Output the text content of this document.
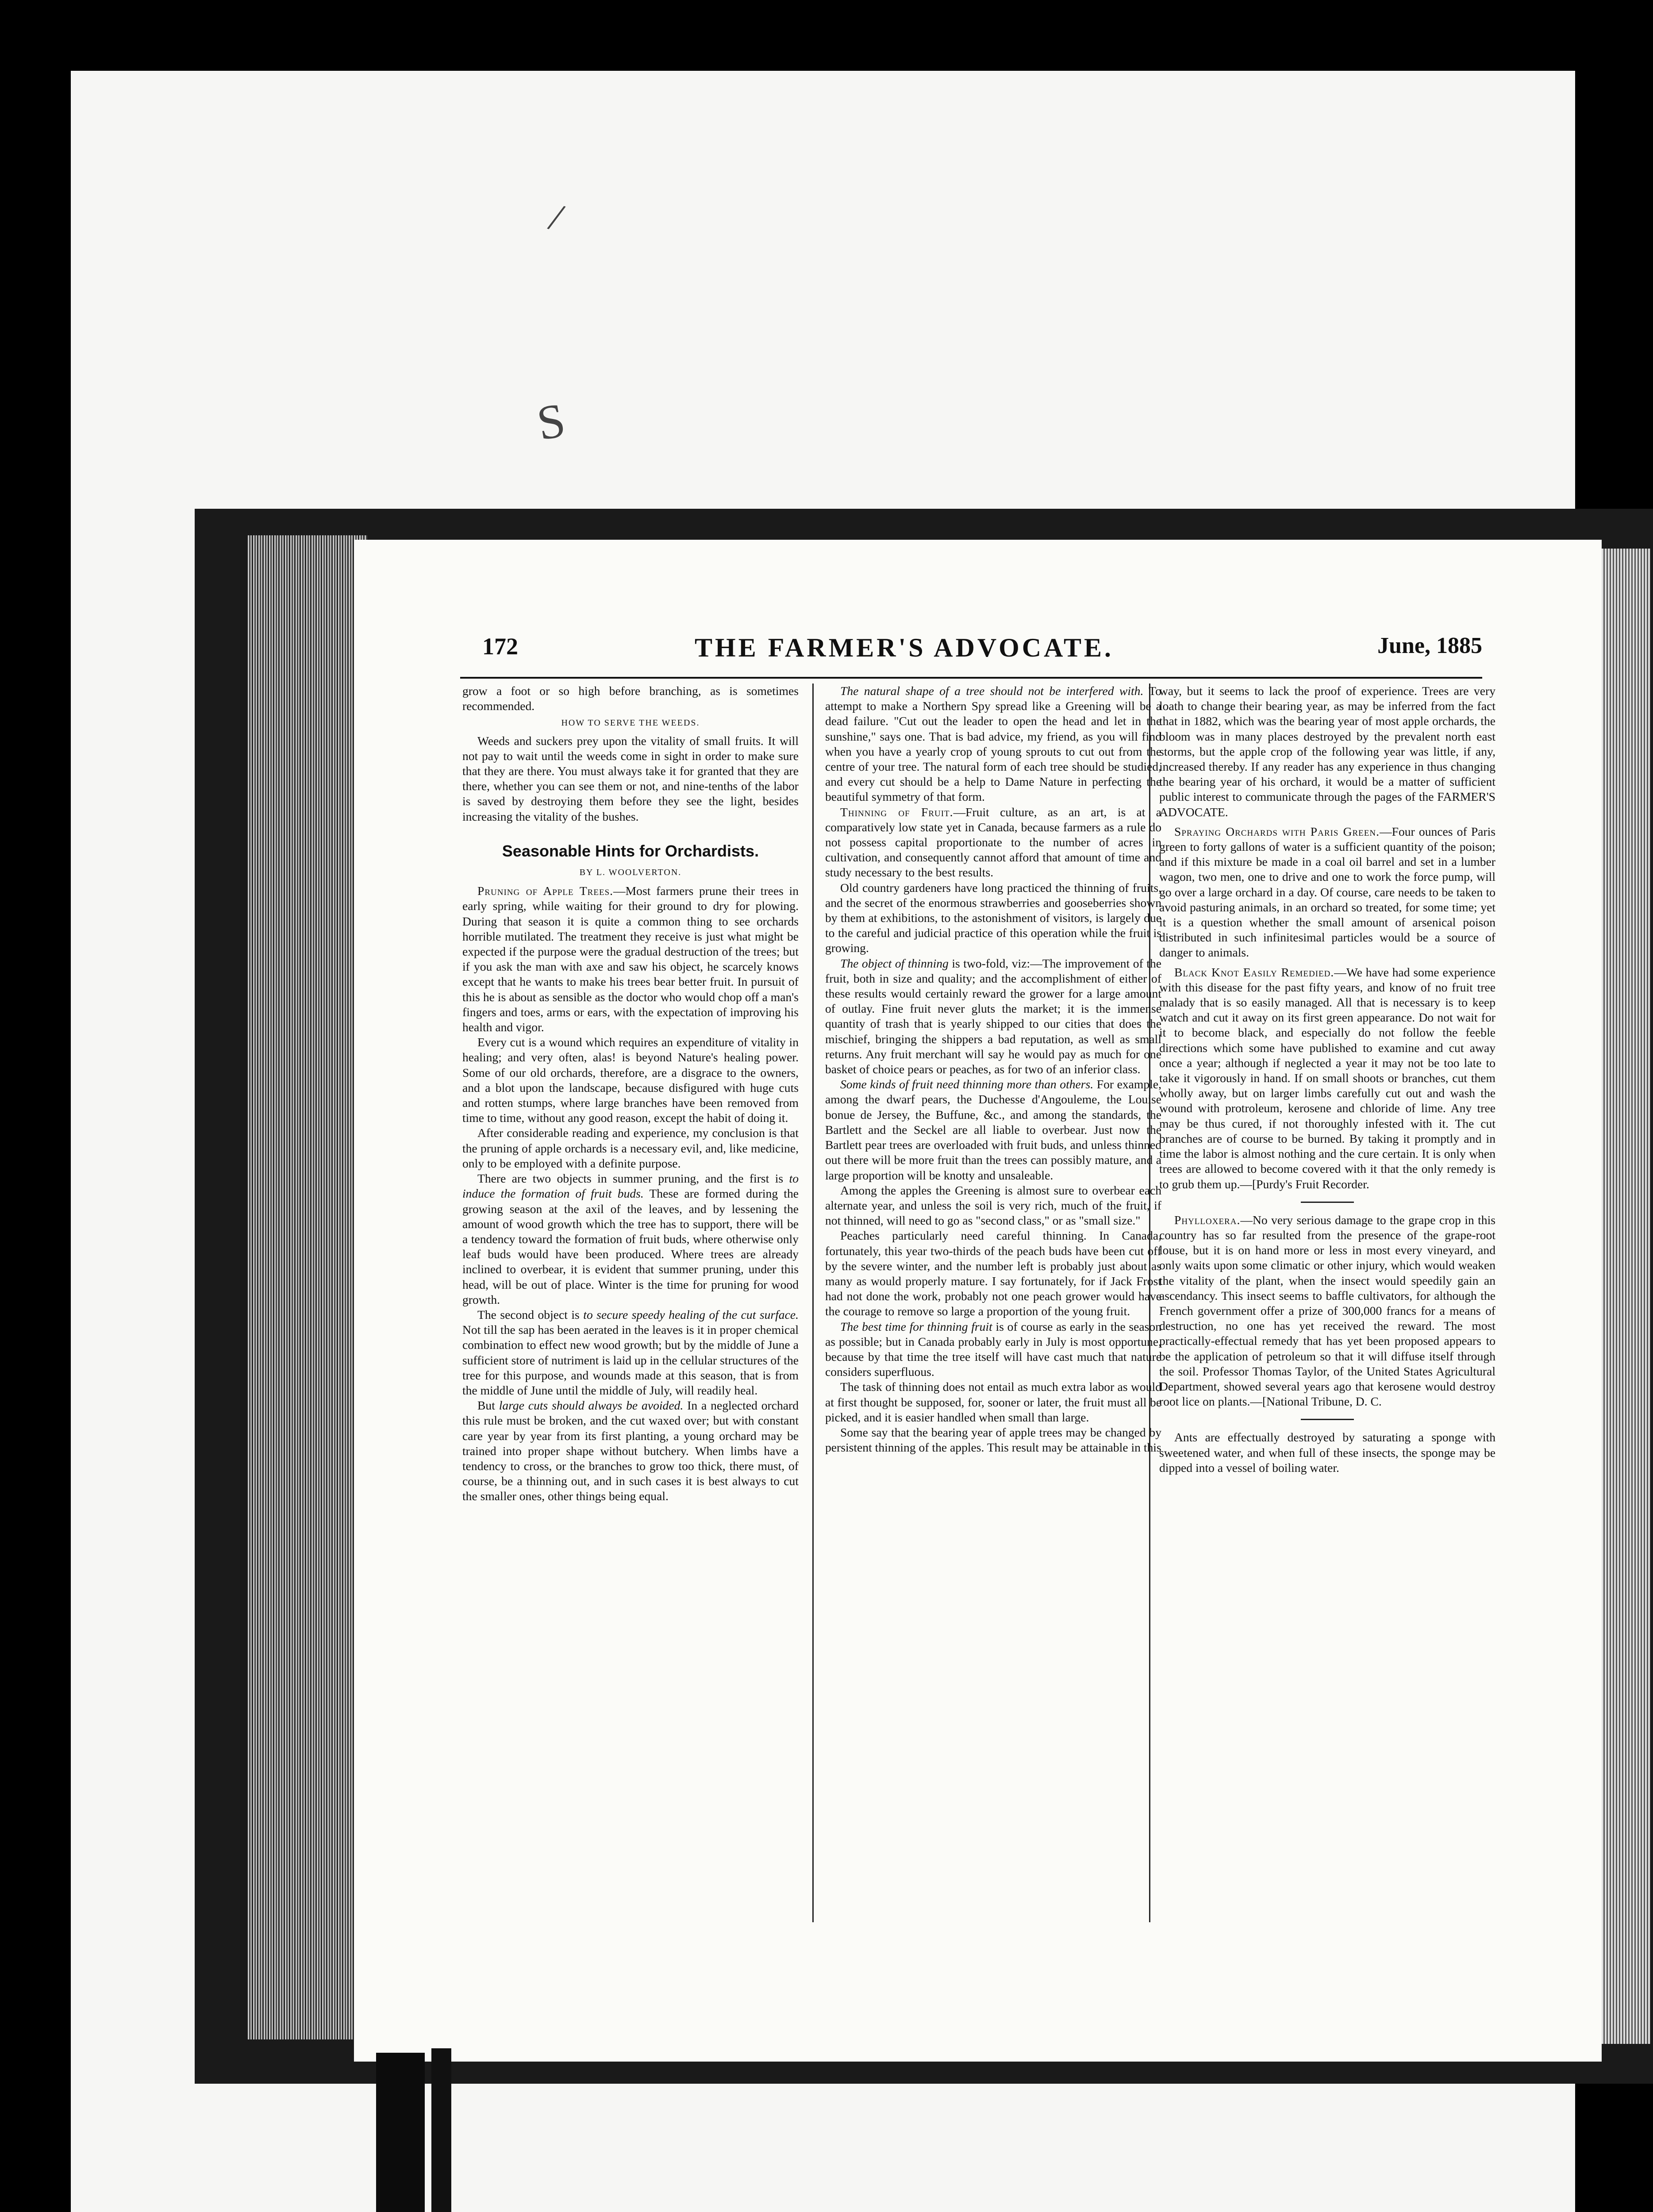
/
S
172	THE FARMER'S ADVOCATE.	June, 1885

grow a foot or so high before branching, as is sometimes recommended.

HOW TO SERVE THE WEEDS.

Weeds and suckers prey upon the vitality of small fruits. It will not pay to wait until the weeds come in sight in order to make sure that they are there. You must always take it for granted that they are there, whether you can see them or not, and nine-tenths of the labor is saved by destroying them before they see the light, besides increasing the vitality of the bushes.

Seasonable Hints for Orchardists.
BY L. WOOLVERTON.

Pruning of Apple Trees.—Most farmers prune their trees in early spring, while waiting for their ground to dry for plowing. During that season it is quite a common thing to see orchards horrible mutilated. The treatment they receive is just what might be expected if the purpose were the gradual destruction of the trees; but if you ask the man with axe and saw his object, he scarcely knows except that he wants to make his trees bear better fruit. In pursuit of this he is about as sensible as the doctor who would chop off a man's fingers and toes, arms or ears, with the expectation of improving his health and vigor.

Every cut is a wound which requires an expenditure of vitality in healing; and very often, alas! is beyond Nature's healing power. Some of our old orchards, therefore, are a disgrace to the owners, and a blot upon the landscape, because disfigured with huge cuts and rotten stumps, where large branches have been removed from time to time, without any good reason, except the habit of doing it.

After considerable reading and experience, my conclusion is that the pruning of apple orchards is a necessary evil, and, like medicine, only to be employed with a definite purpose.

There are two objects in summer pruning, and the first is to induce the formation of fruit buds. These are formed during the growing season at the axil of the leaves, and by lessening the amount of wood growth which the tree has to support, there will be a tendency toward the formation of fruit buds, where otherwise only leaf buds would have been produced. Where trees are already inclined to overbear, it is evident that summer pruning, under this head, will be out of place. Winter is the time for pruning for wood growth.

The second object is to secure speedy healing of the cut surface. Not till the sap has been aerated in the leaves is it in proper chemical combination to effect new wood growth; but by the middle of June a sufficient store of nutriment is laid up in the cellular structures of the tree for this purpose, and wounds made at this season, that is from the middle of June until the middle of July, will readily heal.

But large cuts should always be avoided. In a neglected orchard this rule must be broken, and the cut waxed over; but with constant care year by year from its first planting, a young orchard may be trained into proper shape without butchery. When limbs have a tendency to cross, or the branches to grow too thick, there must, of course, be a thinning out, and in such cases it is best always to cut the smaller ones, other things being equal.

The natural shape of a tree should not be interfered with. To attempt to make a Northern Spy spread like a Greening will be a dead failure. "Cut out the leader to open the head and let in the sunshine," says one. That is bad advice, my friend, as you will find when you have a yearly crop of young sprouts to cut out from the centre of your tree. The natural form of each tree should be studied, and every cut should be a help to Dame Nature in perfecting the beautiful symmetry of that form.

Thinning of Fruit.—Fruit culture, as an art, is at a comparatively low state yet in Canada, because farmers as a rule do not possess capital proportionate to the number of acres in cultivation, and consequently cannot afford that amount of time and study necessary to the best results.

Old country gardeners have long practiced the thinning of fruits, and the secret of the enormous strawberries and gooseberries shown by them at exhibitions, to the astonishment of visitors, is largely due to the careful and judicial practice of this operation while the fruit is growing.

The object of thinning is two-fold, viz:—The improvement of the fruit, both in size and quality; and the accomplishment of either of these results would certainly reward the grower for a large amount of outlay. Fine fruit never gluts the market; it is the immense quantity of trash that is yearly shipped to our cities that does the mischief, bringing the shippers a bad reputation, as well as small returns. Any fruit merchant will say he would pay as much for one basket of choice pears or peaches, as for two of an inferior class.

Some kinds of fruit need thinning more than others. For example, among the dwarf pears, the Duchesse d'Angouleme, the Louise bonue de Jersey, the Buffune, &c., and among the standards, the Bartlett and the Seckel are all liable to overbear. Just now the Bartlett pear trees are overloaded with fruit buds, and unless thinned out there will be more fruit than the trees can possibly mature, and a large proportion will be knotty and unsaleable.

Among the apples the Greening is almost sure to overbear each alternate year, and unless the soil is very rich, much of the fruit, if not thinned, will need to go as "second class," or as "small size."

Peaches particularly need careful thinning. In Canada, fortunately, this year two-thirds of the peach buds have been cut off by the severe winter, and the number left is probably just about as many as would properly mature. I say fortunately, for if Jack Frost had not done the work, probably not one peach grower would have the courage to remove so large a proportion of the young fruit.

The best time for thinning fruit is of course as early in the season as possible; but in Canada probably early in July is most opportune, because by that time the tree itself will have cast much that nature considers superfluous.

The task of thinning does not entail as much extra labor as would at first thought be supposed, for, sooner or later, the fruit must all be picked, and it is easier handled when small than large.

Some say that the bearing year of apple trees may be changed by persistent thinning of the apples. This result may be attainable in this

way, but it seems to lack the proof of experience. Trees are very loath to change their bearing year, as may be inferred from the fact that in 1882, which was the bearing year of most apple orchards, the bloom was in many places destroyed by the prevalent north east storms, but the apple crop of the following year was little, if any, increased thereby. If any reader has any experience in thus changing the bearing year of his orchard, it would be a matter of sufficient public interest to communicate through the pages of the FARMER'S ADVOCATE.

Spraying Orchards with Paris Green.—Four ounces of Paris green to forty gallons of water is a sufficient quantity of the poison; and if this mixture be made in a coal oil barrel and set in a lumber wagon, two men, one to drive and one to work the force pump, will go over a large orchard in a day. Of course, care needs to be taken to avoid pasturing animals, in an orchard so treated, for some time; yet it is a question whether the small amount of arsenical poison distributed in such infinitesimal particles would be a source of danger to animals.

Black Knot Easily Remedied.—We have had some experience with this disease for the past fifty years, and know of no fruit tree malady that is so easily managed. All that is necessary is to keep watch and cut it away on its first green appearance. Do not wait for it to become black, and especially do not follow the feeble directions which some have published to examine and cut away once a year; although if neglected a year it may not be too late to take it vigorously in hand. If on small shoots or branches, cut them wholly away, but on larger limbs carefully cut out and wash the wound with protroleum, kerosene and chloride of lime. Any tree may be thus cured, if not thoroughly infested with it. The cut branches are of course to be burned. By taking it promptly and in time the labor is almost nothing and the cure certain. It is only when trees are allowed to become covered with it that the only remedy is to grub them up.—[Purdy's Fruit Recorder.

Phylloxera.—No very serious damage to the grape crop in this country has so far resulted from the presence of the grape-root louse, but it is on hand more or less in most every vineyard, and only waits upon some climatic or other injury, which would weaken the vitality of the plant, when the insect would speedily gain an ascendancy. This insect seems to baffle cultivators, for although the French government offer a prize of 300,000 francs for a means of destruction, no one has yet received the reward. The most practically-effectual remedy that has yet been proposed appears to be the application of petroleum so that it will diffuse itself through the soil. Professor Thomas Taylor, of the United States Agricultural Department, showed several years ago that kerosene would destroy root lice on plants.—[National Tribune, D. C.

Ants are effectually destroyed by saturating a sponge with sweetened water, and when full of these insects, the sponge may be dipped into a vessel of boiling water.
